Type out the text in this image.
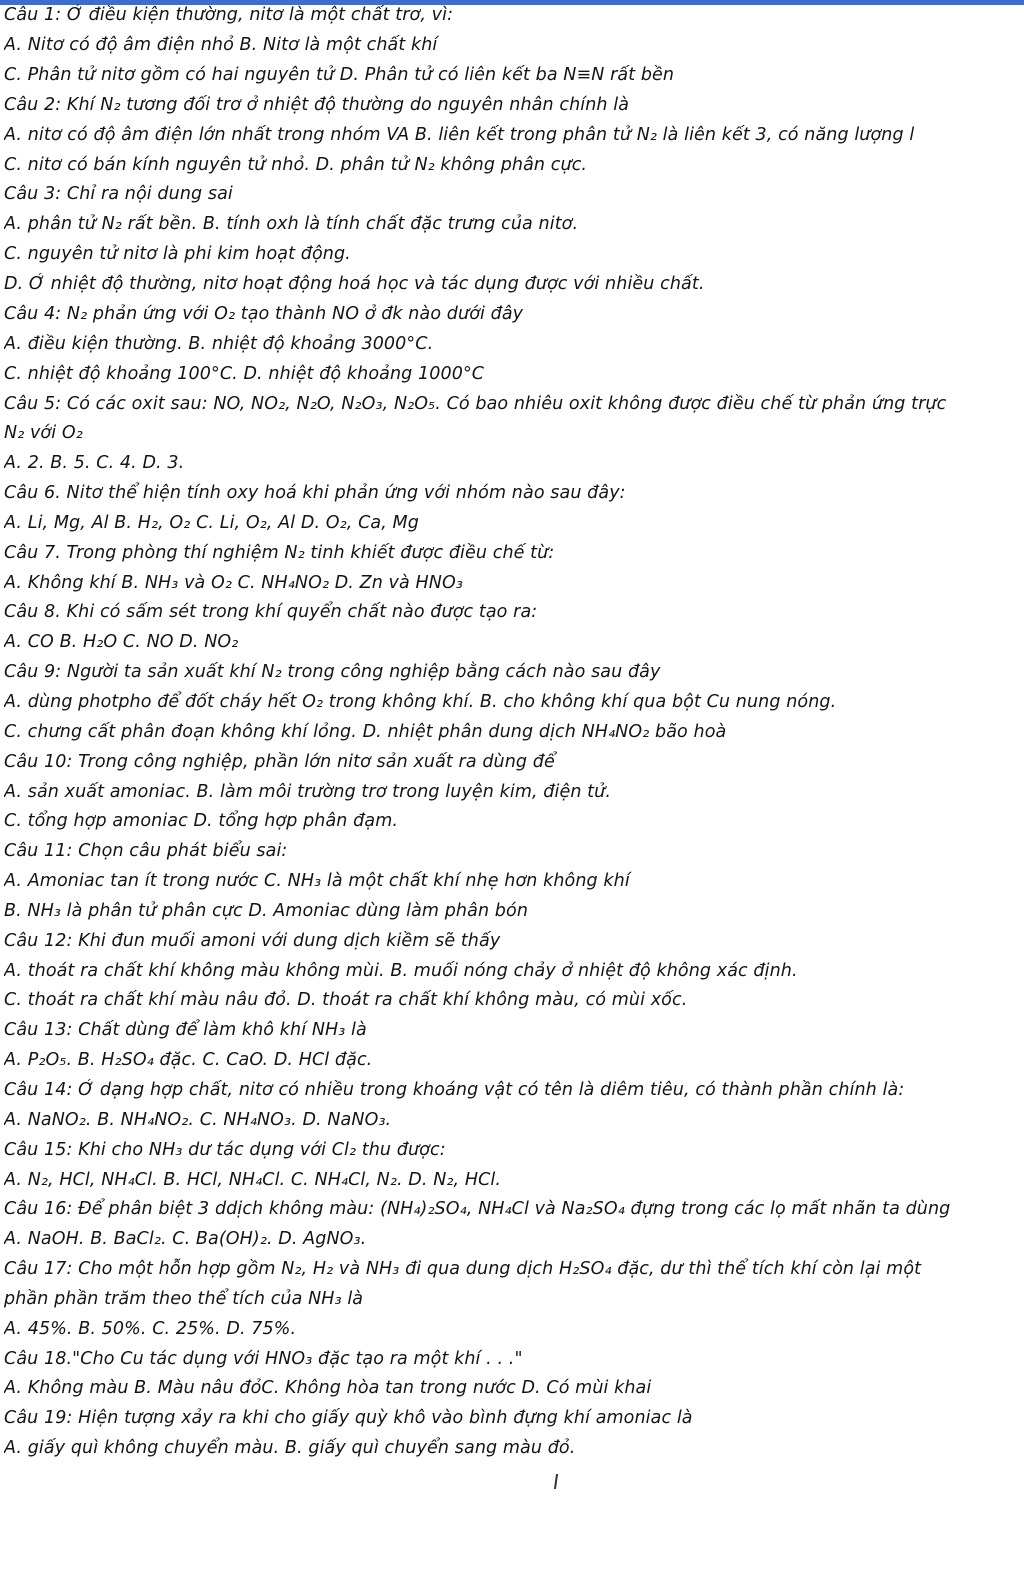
Câu 1: Ở điều kiện thường, nitơ là một chất trơ, vì:
A. Nitơ có độ âm điện nhỏ B. Nitơ là một chất khí
C. Phân tử nitơ gồm có hai nguyên tử D. Phân tử có liên kết ba N≡N rất bền
Câu 2: Khí N₂ tương đối trơ ở nhiệt độ thường do nguyên nhân chính là
A. nitơ có độ âm điện lớn nhất trong nhóm VA B. liên kết trong phân tử N₂ là liên kết 3, có năng lượng l
C. nitơ có bán kính nguyên tử nhỏ. D. phân tử N₂ không phân cực.
Câu 3: Chỉ ra nội dung sai
A. phân tử N₂ rất bền. B. tính oxh là tính chất đặc trưng của nitơ.
C. nguyên tử nitơ là phi kim hoạt động.
D. Ở nhiệt độ thường, nitơ hoạt động hoá học và tác dụng được với nhiều chất.
Câu 4: N₂ phản ứng với O₂ tạo thành NO ở đk nào dưới đây
A. điều kiện thường. B. nhiệt độ khoảng 3000°C.
C. nhiệt độ khoảng 100°C. D. nhiệt độ khoảng 1000°C
Câu 5: Có các oxit sau: NO, NO₂, N₂O, N₂O₃, N₂O₅. Có bao nhiêu oxit không được điều chế từ phản ứng trực
N₂ với O₂
A. 2. B. 5. C. 4. D. 3.
Câu 6. Nitơ thể hiện tính oxy hoá khi phản ứng với nhóm nào sau đây:
A. Li, Mg, Al B. H₂, O₂ C. Li, O₂, Al D. O₂, Ca, Mg
Câu 7. Trong phòng thí nghiệm N₂ tinh khiết được điều chế từ:
A. Không khí B. NH₃ và O₂ C. NH₄NO₂ D. Zn và HNO₃
Câu 8. Khi có sấm sét trong khí quyển chất nào được tạo ra:
A. CO B. H₂O C. NO D. NO₂
Câu 9: Người ta sản xuất khí N₂ trong công nghiệp bằng cách nào sau đây
A. dùng photpho để đốt cháy hết O₂ trong không khí. B. cho không khí qua bột Cu nung nóng.
C. chưng cất phân đoạn không khí lỏng. D. nhiệt phân dung dịch NH₄NO₂ bão hoà
Câu 10: Trong công nghiệp, phần lớn nitơ sản xuất ra dùng để
A. sản xuất amoniac. B. làm môi trường trơ trong luyện kim, điện tử.
C. tổng hợp amoniac D. tổng hợp phân đạm.
Câu 11: Chọn câu phát biểu sai:
A. Amoniac tan ít trong nước C. NH₃ là một chất khí nhẹ hơn không khí
B. NH₃ là phân tử phân cực D. Amoniac dùng làm phân bón
Câu 12: Khi đun muối amoni với dung dịch kiềm sẽ thấy
A. thoát ra chất khí không màu không mùi. B. muối nóng chảy ở nhiệt độ không xác định.
C. thoát ra chất khí màu nâu đỏ. D. thoát ra chất khí không màu, có mùi xốc.
Câu 13: Chất dùng để làm khô khí NH₃ là
A. P₂O₅. B. H₂SO₄ đặc. C. CaO. D. HCl đặc.
Câu 14: Ở dạng hợp chất, nitơ có nhiều trong khoáng vật có tên là diêm tiêu, có thành phần chính là:
A. NaNO₂. B. NH₄NO₂. C. NH₄NO₃. D. NaNO₃.
Câu 15: Khi cho NH₃ dư tác dụng với Cl₂ thu được:
A. N₂, HCl, NH₄Cl. B. HCl, NH₄Cl. C. NH₄Cl, N₂. D. N₂, HCl.
Câu 16: Để phân biệt 3 ddịch không màu: (NH₄)₂SO₄, NH₄Cl và Na₂SO₄ đựng trong các lọ mất nhãn ta dùng
A. NaOH. B. BaCl₂. C. Ba(OH)₂. D. AgNO₃.
Câu 17: Cho một hỗn hợp gồm N₂, H₂ và NH₃ đi qua dung dịch H₂SO₄ đặc, dư thì thể tích khí còn lại một
phần phần trăm theo thể tích của NH₃ là
A. 45%. B. 50%. C. 25%. D. 75%.
Câu 18."Cho Cu tác dụng với HNO₃ đặc tạo ra một khí . . ."
A. Không màu B. Màu nâu đỏC. Không hòa tan trong nước D. Có mùi khai
Câu 19: Hiện tượng xảy ra khi cho giấy quỳ khô vào bình đựng khí amoniac là
A. giấy quì không chuyển màu. B. giấy quì chuyển sang màu đỏ.
